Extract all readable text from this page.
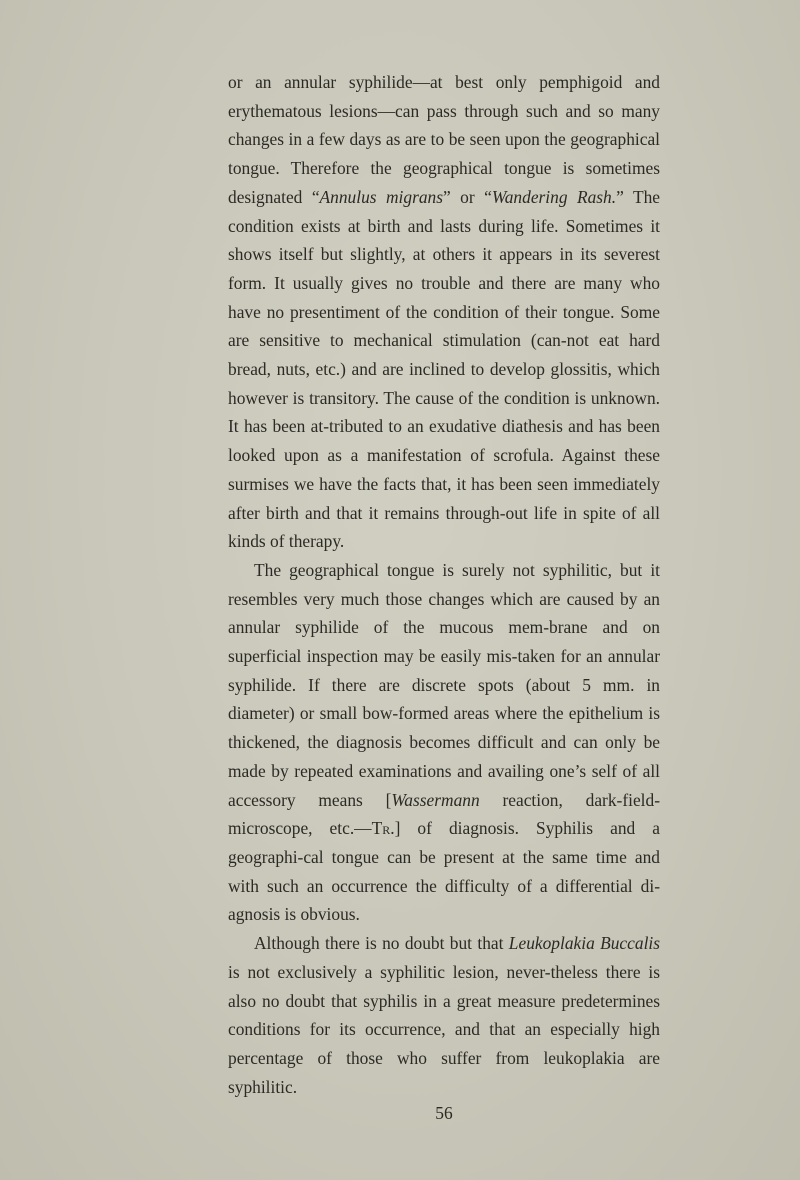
or an annular syphilide—at best only pemphigoid and erythematous lesions—can pass through such and so many changes in a few days as are to be seen upon the geographical tongue. Therefore the geographical tongue is sometimes designated “Annulus migrans” or “Wandering Rash.” The condition exists at birth and lasts during life. Sometimes it shows itself but slightly, at others it appears in its severest form. It usually gives no trouble and there are many who have no presentiment of the condition of their tongue. Some are sensitive to mechanical stimulation (can-not eat hard bread, nuts, etc.) and are inclined to develop glossitis, which however is transitory. The cause of the condition is unknown. It has been at-tributed to an exudative diathesis and has been looked upon as a manifestation of scrofula. Against these surmises we have the facts that, it has been seen immediately after birth and that it remains through-out life in spite of all kinds of therapy.

The geographical tongue is surely not syphilitic, but it resembles very much those changes which are caused by an annular syphilide of the mucous mem-brane and on superficial inspection may be easily mis-taken for an annular syphilide. If there are discrete spots (about 5 mm. in diameter) or small bow-formed areas where the epithelium is thickened, the diagnosis becomes difficult and can only be made by repeated examinations and availing one’s self of all accessory means [Wassermann reaction, dark-field-microscope, etc.—Tr.] of diagnosis. Syphilis and a geographi-cal tongue can be present at the same time and with such an occurrence the difficulty of a differential di-agnosis is obvious.

Although there is no doubt but that Leukoplakia Buccalis is not exclusively a syphilitic lesion, never-theless there is also no doubt that syphilis in a great measure predetermines conditions for its occurrence, and that an especially high percentage of those who suffer from leukoplakia are syphilitic.

56
